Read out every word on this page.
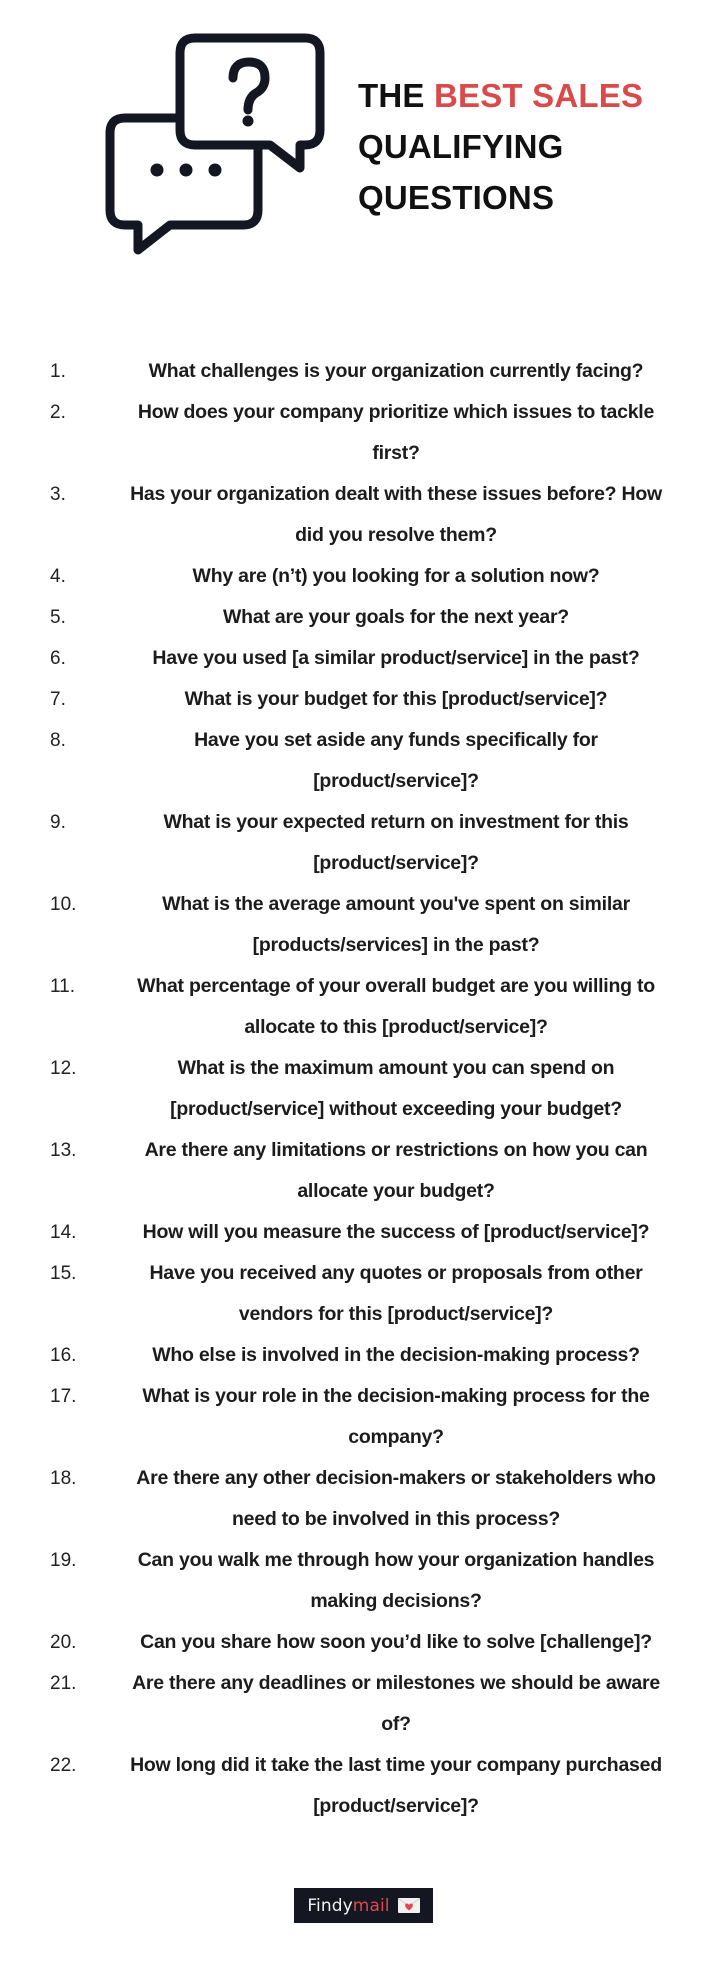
THE BEST SALES
QUALIFYING
QUESTIONS
1.	What challenges is your organization currently facing?
2.	How does your company prioritize which issues to tackle
first?
3.	Has your organization dealt with these issues before? How
did you resolve them?
4.	Why are (n’t) you looking for a solution now?
5.	What are your goals for the next year?
6.	Have you used [a similar product/service] in the past?
7.	What is your budget for this [product/service]?
8.	Have you set aside any funds specifically for
[product/service]?
9.	What is your expected return on investment for this
[product/service]?
10.	What is the average amount you've spent on similar
[products/services] in the past?
11.	What percentage of your overall budget are you willing to
allocate to this [product/service]?
12.	What is the maximum amount you can spend on
[product/service] without exceeding your budget?
13.	Are there any limitations or restrictions on how you can
allocate your budget?
14.	How will you measure the success of [product/service]?
15.	Have you received any quotes or proposals from other
vendors for this [product/service]?
16.	Who else is involved in the decision-making process?
17.	What is your role in the decision-making process for the
company?
18.	Are there any other decision-makers or stakeholders who
need to be involved in this process?
19.	Can you walk me through how your organization handles
making decisions?
20.	Can you share how soon you’d like to solve [challenge]?
21.	Are there any deadlines or milestones we should be aware
of?
22.	How long did it take the last time your company purchased
[product/service]?
Findymail
